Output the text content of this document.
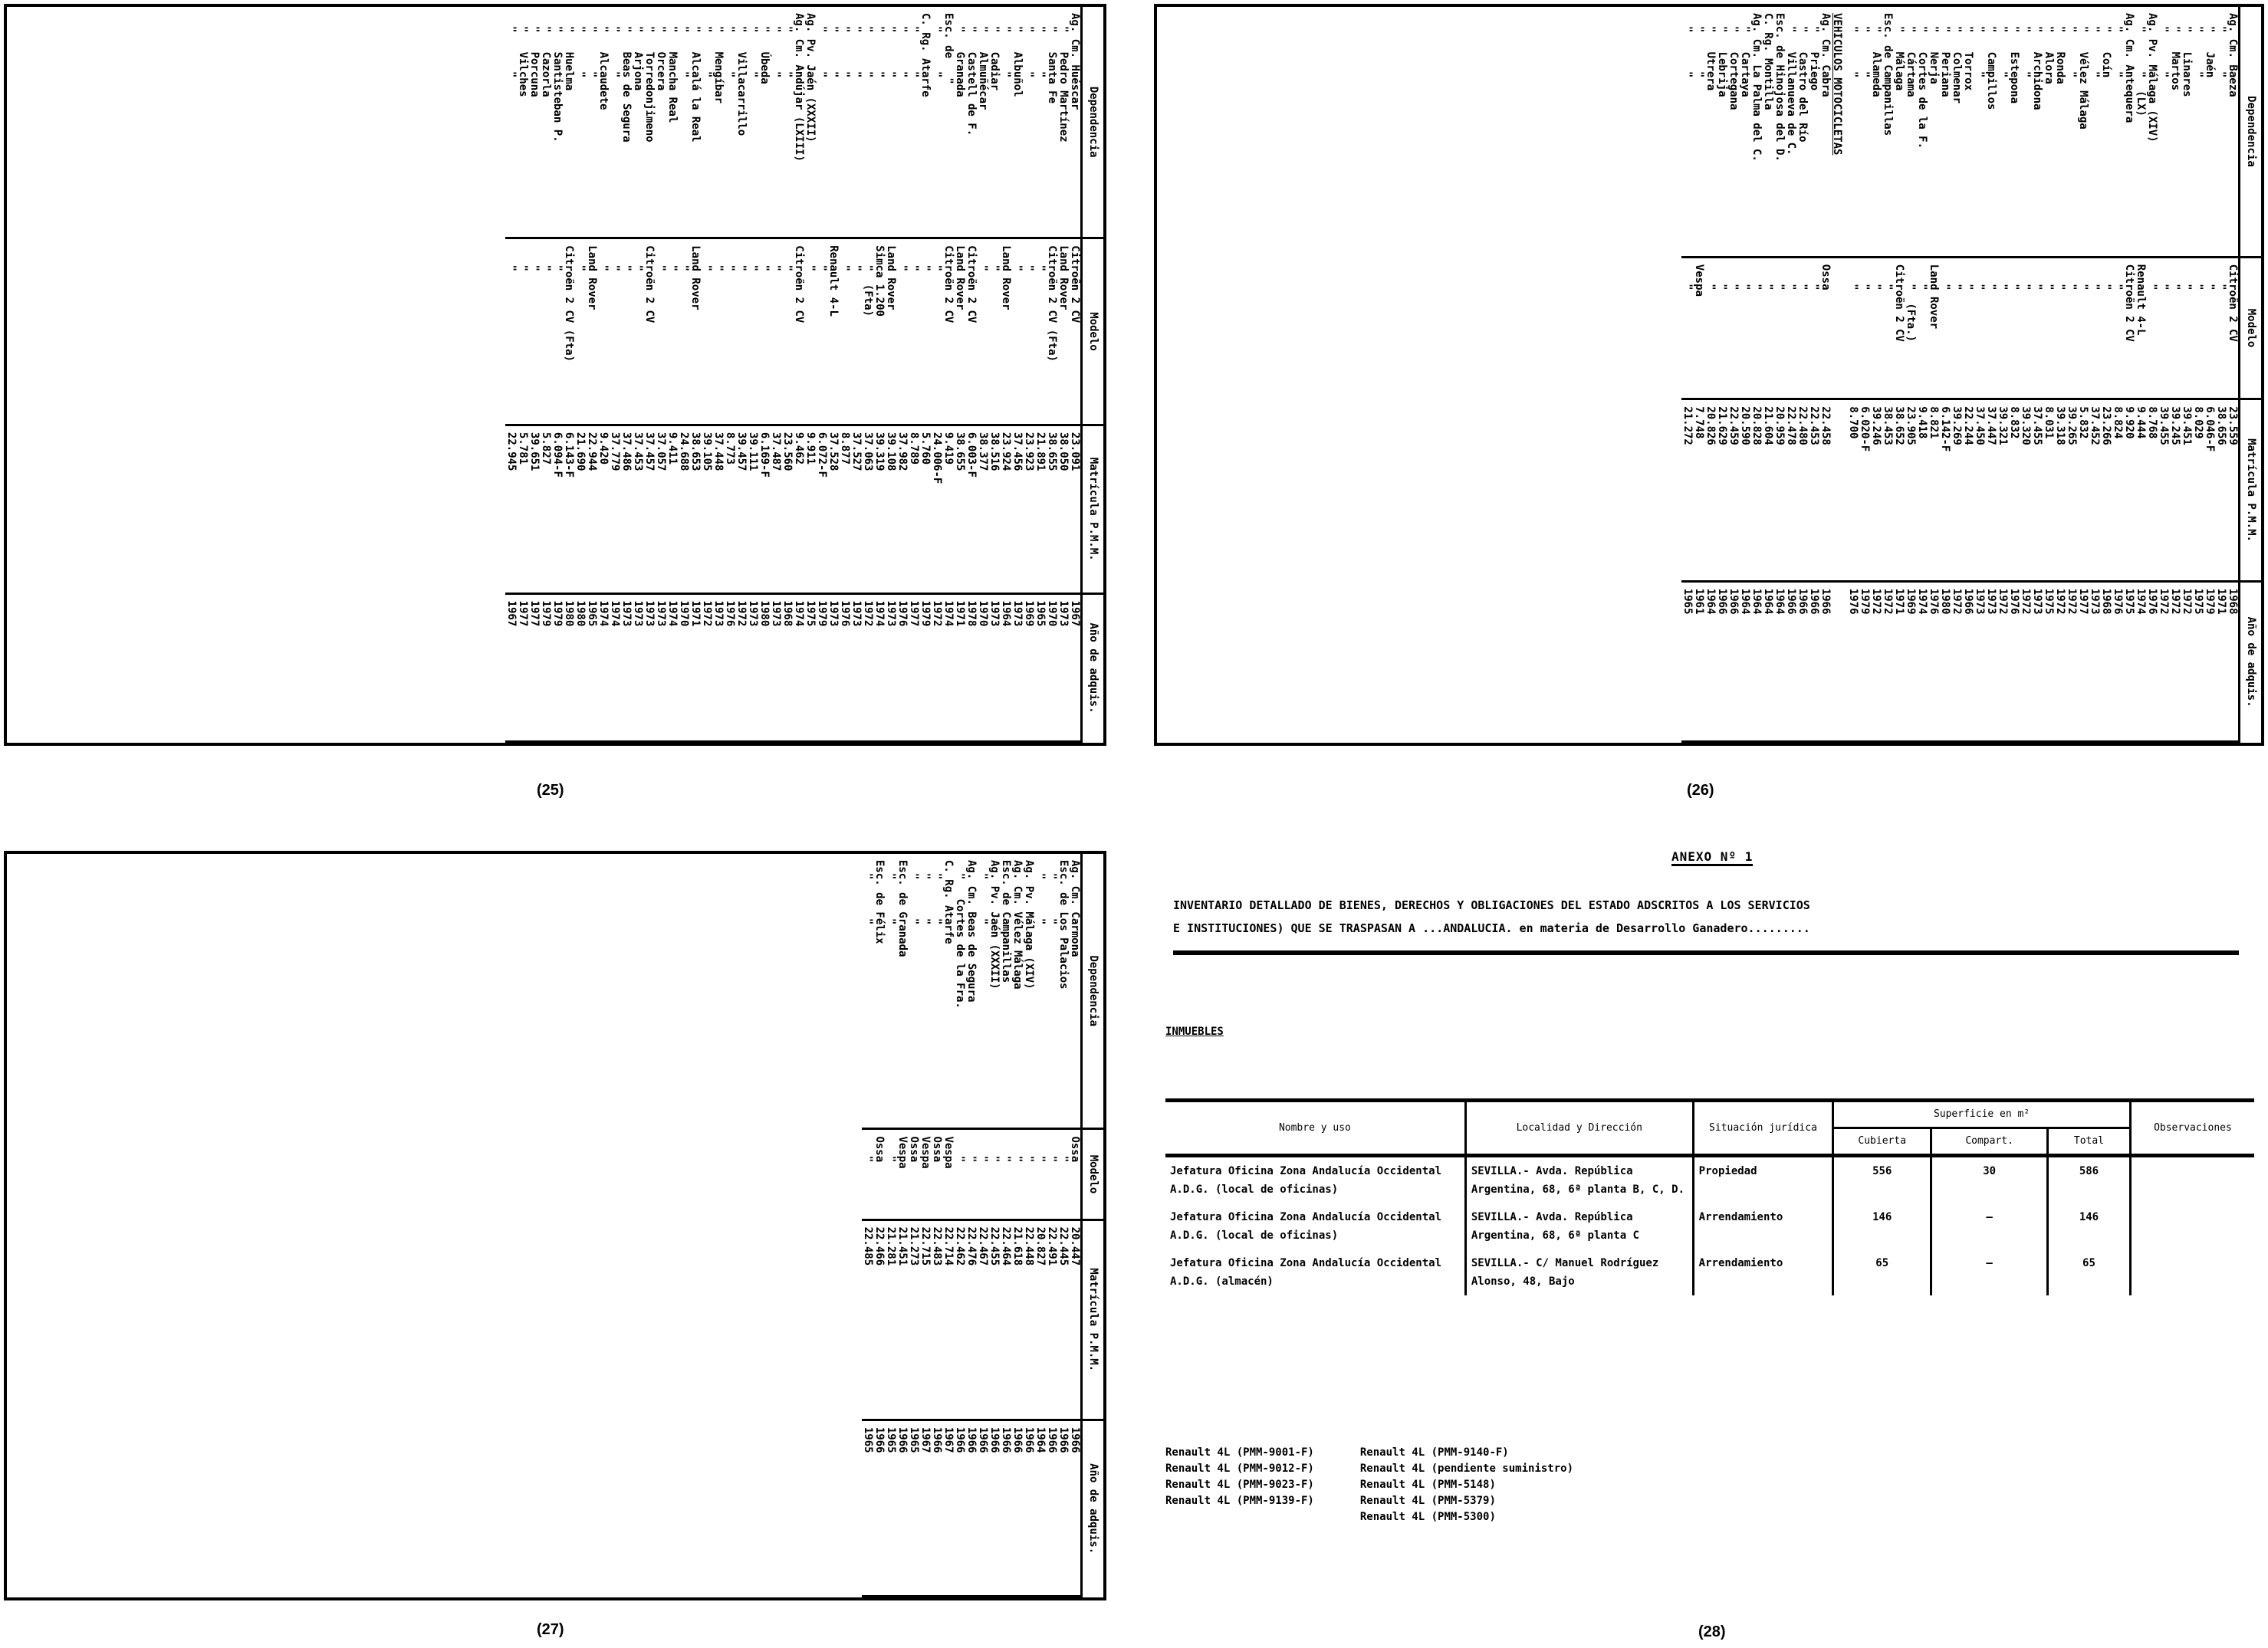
Dependencia	Modelo	Matrícula P.M.M.	Año de adquis.
Ag. Cm. Huéscar	Citroën 2 CV	23.091	1967
"   Pedro Martínez	Land Rover	38.050	1973
"   Santa Fe	Citroën 2 CV (Fta)	38.655	1970
"      "	"	21.891	1965
"      "	"	23.923	1969
"   Albuñol	"	37.456	1973
"      "	Land Rover	23.924	1964
"   Cadiar	"	38.516	1973
"   Almuñécar	"	38.377	1970
"   Castell de F.	Citroën 2 CV	6.003-F	1978
"   Granada	Land Rover	38.655	1971
Esc. de   "	Citroën 2 CV	9.419	1974
"      "	"	24.006-F	1972
C. Rg. Atarfe	"	5.760	1979
"      "	"	8.789	1977
"      "	"	37.982	1976
"      "	Land Rover	39.108	1973
"      "	Simca 1.200	39.319	1974
"      "	"  (Fta)	37.063	1972
"      "	"	37.527	1973
"      "	"	8.877	1976
"      "	Renault 4-L	37.528	1973
"      "	"	6.072-F	1979
Ag. Pv. Jaén (XXXII)	"	9.911	1975
Ag. Cm. Andújar (LXIII)	Citroën 2 CV	9.462	1974
"      "	"	23.560	1968
"      "	"	37.487	1973
"   Úbeda	"	6.169-F	1980
"      "	"	39.111	1973
"   Villacarrillo	"	39.457	1972
"      "	"	8.773	1976
"   Mengíbar	"	37.448	1973
"      "	"	39.105	1972
"   Alcalá la Real	Land Rover	38.653	1971
"      "	"	24.688	1970
"   Mancha Real	"	9.411	1974
"   Orcera	"	37.057	1973
"   Torredonjimeno	Citroën 2 CV	37.457	1973
"   Arjona	"	37.453	1973
"   Beas de Segura	"	37.486	1973
"      "	"	37.779	1974
"   Alcaudete	"	9.420	1974
"      "	Land Rover	22.944	1965
"      "	"	21.690	1980
"   Huelma	Citroën 2 CV (Fta)	6.143-F	1980
"   Santisteban P.	"	6.094-F	1979
"   Cazorla	"	5.827	1979
"   Porcuna	"	39.651	1977
"   Vilches	"	5.781	1977
"      "	"	22.945	1967
(25)
Dependencia	Modelo	Matrícula P.M.M.	Año de adquis.
Ag. Cm. Baeza	Citroën 2 CV	23.559	1968
"      "	"	38.656	1971
"   Jaén	"	6.046-F	1979
"      "	"	8.029	1975
"   Linares	"	39.451	1972
"   Martos	"	39.245	1972
"      "	"	39.455	1972
Ag. Pv. Málaga (XIV)	"	8.768	1976
"      "  (LX)	Renault 4-L	9.444	1974
Ag. Cm. Antequera	Citroën 2 CV	9.920	1975
"      "	"	8.824	1976
"   Coín	"	23.266	1968
"      "	"	37.452	1973
"   Vélez Málaga	"	5.832	1977
"      "	"	39.265	1972
"   Ronda	"	39.318	1972
"   Alora	"	8.031	1975
"   Archidona	"	37.455	1973
"      "	"	39.320	1972
"   Estepona	"	8.832	1976
"      "	"	39.321	1972
"   Campillos	"	37.447	1973
"      "	"	37.450	1973
"   Torrox	"	22.244	1966
"   Colmenar	"	39.269	1972
"   Periana	"	6.142-F	1980
"   Nerja	Land Rover	8.821	1976
"   Cortes de la F.	"	9.418	1974
"   Cártama	"  (Fta.)	23.905	1969
"   Málaga	Citroën 2 CV	38.652	1971
Esc. de Campanillas	"	38.453	1972
"   Alameda	"	39.246	1972
"      "	"	6.020-F	1979
"      "	"	8.700	1976
VEHICULOS MOTOCICLETAS			
Ag. Cm. Cabra	Ossa	22.458	1966
"   Priego	"	22.453	1966
"   Castro del Río	"	22.480	1966
"   Villanueva de C.	"	22.478	1966
Esc. de Hinojosa del D.	"	20.959	1964
C. Rg. Montilla	"	21.604	1964
Ag. Cm. La Palma del C.	"	20.828	1964
"   Cartaya	"	20.590	1964
"   Cortegana	"	22.459	1966
"   Lebrija	"	21.629	1966
"   Utrera	"	20.826	1964
"      "	Vespa	7.748	1961
"      "	"	21.272	1965
(26)
Dependencia	Modelo	Matrícula P.M.M.	Año de adquis.
Ag. Cm. Carmona	Ossa	20.447	1966
Esc. de Los Palacios	"	22.445	1966
"      "	"	22.491	1966
"      "	"	20.827	1964
Ag. Pv. Málaga (XIV)	"	22.448	1966
Ag. Cm. Vélez Málaga	"	21.618	1966
Esc. de Campanillas	"	22.464	1966
Ag. Pv. Jaén (XXXII)	"	22.455	1966
"      "	"	22.467	1966
Ag. Cm. Beas de Segura	"	22.476	1966
"   Cortes de la Fra.	"	22.462	1966
C. Rg. Atarfe	Vespa	22.714	1967
"      "	Ossa	22.483	1966
"      "	Vespa	22.715	1967
"      "	Ossa	21.273	1965
Esc. de Granada	Vespa	21.451	1966
"      "	"	21.281	1965
Esc. de Félix	Ossa	22.466	1966
"      "	"	22.485	1965
(27)
ANEXO Nº 1
INVENTARIO DETALLADO DE BIENES, DERECHOS Y OBLIGACIONES DEL ESTADO ADSCRITOS A LOS SERVICIOS
E INSTITUCIONES) QUE SE TRASPASAN A ...ANDALUCIA. en materia de Desarrollo Ganadero.........
INMUEBLES
Nombre y uso	Localidad y Dirección	Situación jurídica	Superficie en m²			Observaciones
			Cubierta	Compart.	Total	
Jefatura Oficina Zona Andalucía Occidental A.D.G. (local de oficinas)	SEVILLA.- Avda. República Argentina, 68, 6ª planta B, C, D.	Propiedad	556	30	586	
Jefatura Oficina Zona Andalucía Occidental A.D.G. (local de oficinas)	SEVILLA.- Avda. República Argentina, 68, 6ª planta C	Arrendamiento	146	—	146	
Jefatura Oficina Zona Andalucía Occidental A.D.G. (almacén)	SEVILLA.- C/ Manuel Rodríguez Alonso, 48, Bajo	Arrendamiento	65	—	65	
Renault 4L (PMM-9001-F)
Renault 4L (PMM-9012-F)
Renault 4L (PMM-9023-F)
Renault 4L (PMM-9139-F)
Renault 4L (PMM-9140-F)
Renault 4L (pendiente suministro)
Renault 4L (PMM-5148)
Renault 4L (PMM-5379)
Renault 4L (PMM-5300)
(28)
